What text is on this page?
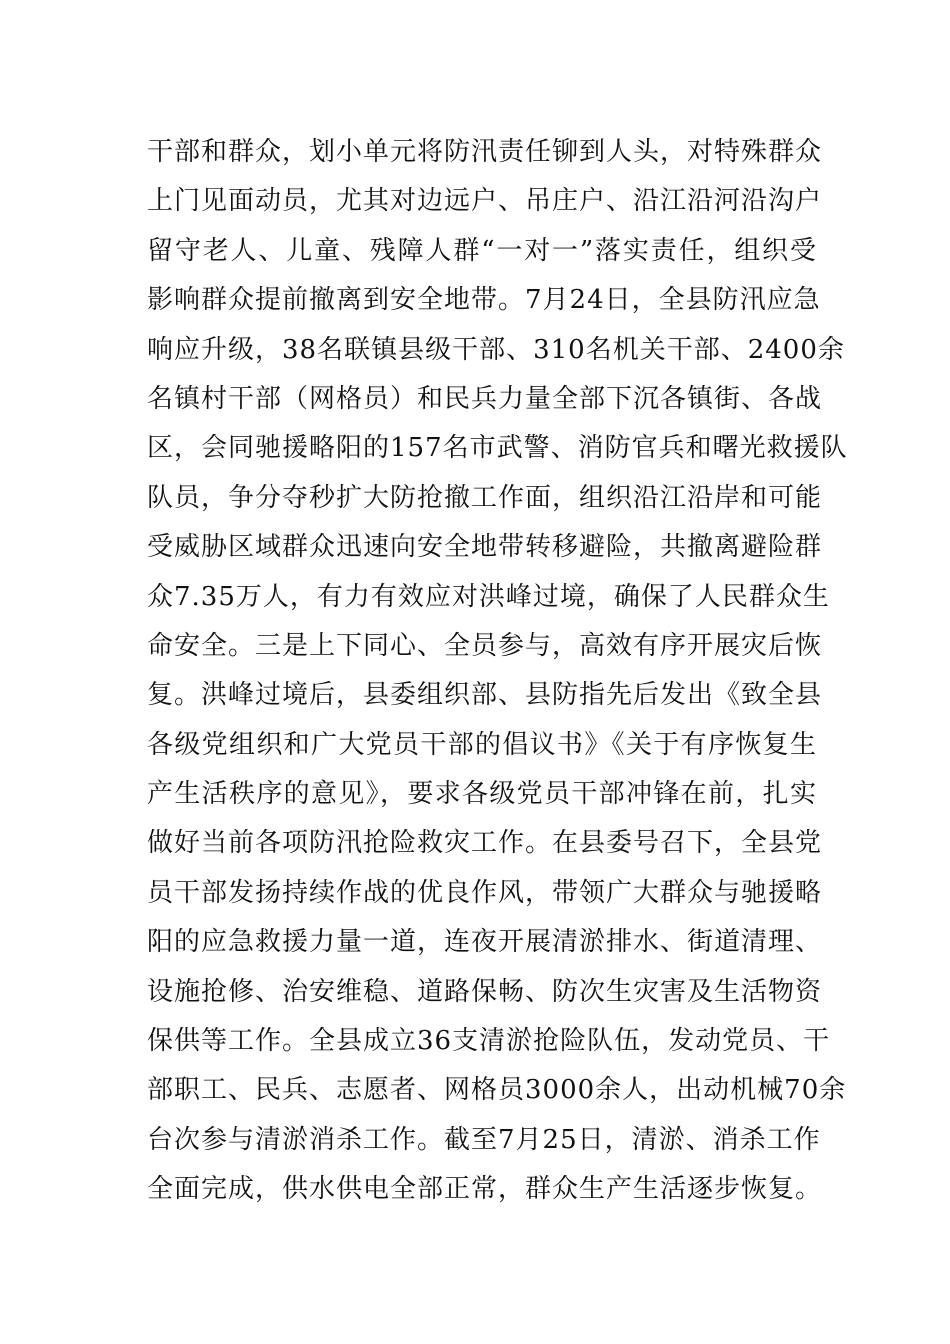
干部和群众，划小单元将防汛责任铆到人头，对特殊群众
上门见面动员，尤其对边远户、吊庄户、沿江沿河沿沟户
留守老人、儿童、残障人群“一对一”落实责任，组织受
影响群众提前撤离到安全地带。7月24日，全县防汛应急
响应升级，38名联镇县级干部、310名机关干部、2400余
名镇村干部（网格员）和民兵力量全部下沉各镇街、各战
区，会同驰援略阳的157名市武警、消防官兵和曙光救援队
队员，争分夺秒扩大防抢撤工作面，组织沿江沿岸和可能
受威胁区域群众迅速向安全地带转移避险，共撤离避险群
众7.35万人，有力有效应对洪峰过境，确保了人民群众生
命安全。三是上下同心、全员参与，高效有序开展灾后恢
复。洪峰过境后，县委组织部、县防指先后发出《致全县
各级党组织和广大党员干部的倡议书》《关于有序恢复生
产生活秩序的意见》，要求各级党员干部冲锋在前，扎实
做好当前各项防汛抢险救灾工作。在县委号召下，全县党
员干部发扬持续作战的优良作风，带领广大群众与驰援略
阳的应急救援力量一道，连夜开展清淤排水、街道清理、
设施抢修、治安维稳、道路保畅、防次生灾害及生活物资
保供等工作。全县成立36支清淤抢险队伍，发动党员、干
部职工、民兵、志愿者、网格员3000余人，出动机械70余
台次参与清淤消杀工作。截至7月25日，清淤、消杀工作
全面完成，供水供电全部正常，群众生产生活逐步恢复。
